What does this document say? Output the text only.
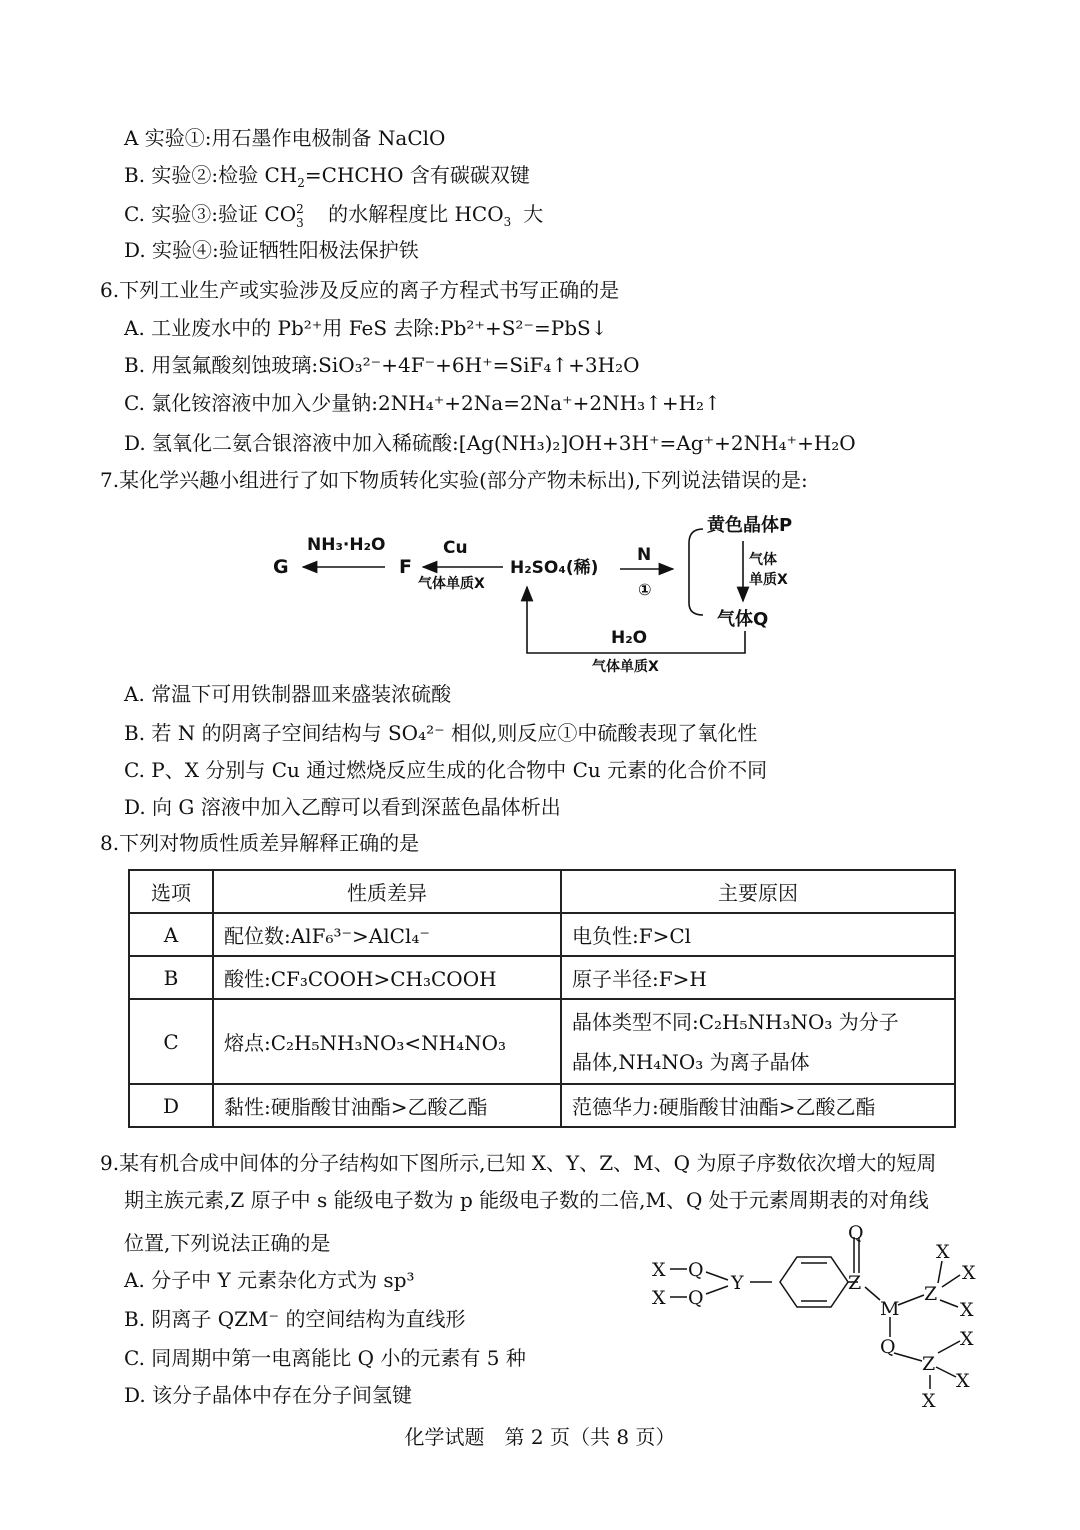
A 实验①:用石墨作电极制备 NaClO
B. 实验②:检验 $CH_2=CHCHO$ 含有碳碳双键
C. 实验③:验证 CO 2
3 的水解程度比 $HCO_3$ 大
D. 实验④:验证牺牲阳极法保护铁
6.下列工业生产或实验涉及反应的离子方程式书写正确的是
A. 工业废水中的 Pb²⁺用 FeS 去除:Pb²⁺+S²⁻=PbS↓
B. 用氢氟酸刻蚀玻璃:SiO₃²⁻+4F⁻+6H⁺=SiF₄↑+3H₂O
C. 氯化铵溶液中加入少量钠:2NH₄⁺+2Na=2Na⁺+2NH₃↑+H₂↑
D. 氢氧化二氨合银溶液中加入稀硫酸:[Ag(NH₃)₂]OH+3H⁺=Ag⁺+2NH₄⁺+H₂O
7.某化学兴趣小组进行了如下物质转化实验(部分产物未标出),下列说法错误的是:
G
NH₃·H₂O
F
Cu
气体单质X
H₂SO₄(稀)
N
①
黄色晶体P
气体
单质X
气体Q
H₂O
气体单质X
A. 常温下可用铁制器皿来盛装浓硫酸
B. 若 N 的阴离子空间结构与 SO₄²⁻ 相似,则反应①中硫酸表现了氧化性
C. P、X 分别与 Cu 通过燃烧反应生成的化合物中 Cu 元素的化合价不同
D. 向 G 溶液中加入乙醇可以看到深蓝色晶体析出
8.下列对物质性质差异解释正确的是
选项	性质差异	主要原因
A	配位数:AlF₆³⁻>AlCl₄⁻	电负性:F>Cl
B	酸性:CF₃COOH>CH₃COOH	原子半径:F>H
C	熔点:C₂H₅NH₃NO₃<NH₄NO₃	晶体类型不同:C₂H₅NH₃NO₃ 为分子
晶体,NH₄NO₃ 为离子晶体

D	黏性:硬脂酸甘油酯>乙酸乙酯	范德华力:硬脂酸甘油酯>乙酸乙酯
9.某有机合成中间体的分子结构如下图所示,已知 X、Y、Z、M、Q 为原子序数依次增大的短周
期主族元素,Z 原子中 s 能级电子数为 p 能级电子数的二倍,M、Q 处于元素周期表的对角线
位置,下列说法正确的是
A. 分子中 Y 元素杂化方式为 sp³
B. 阴离子 QZM⁻ 的空间结构为直线形
C. 同周期中第一电离能比 Q 小的元素有 5 种
D. 该分子晶体中存在分子间氢键
X
X
Q
Q
Y
Q
Z
M
Z
X
X
X
Q
Z
X
X
X
化学试题　第 2 页（共 8 页）
